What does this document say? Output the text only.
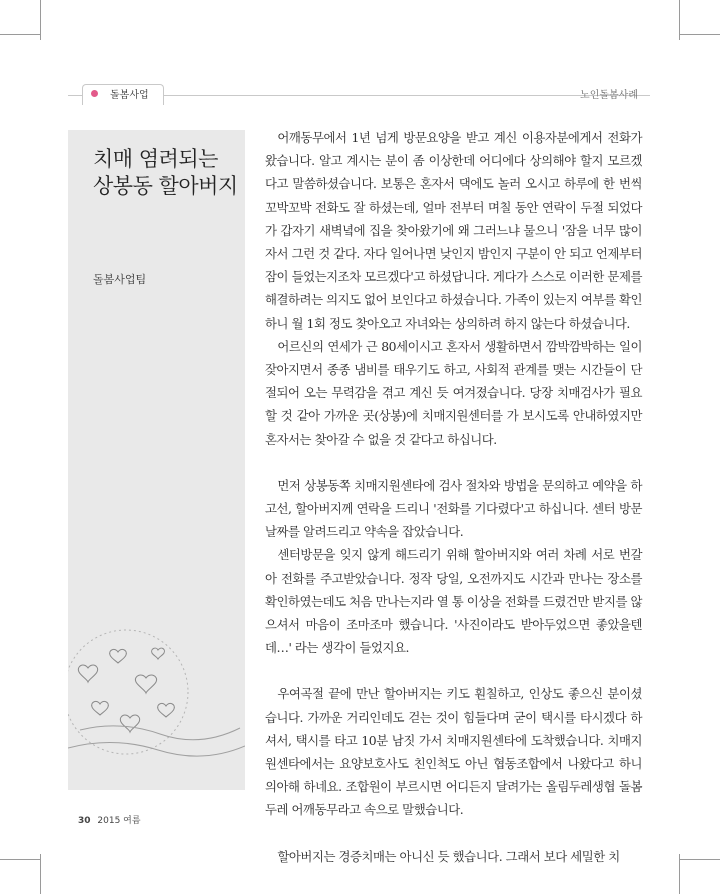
돌봄사업	노인돌봄사례
치매 염려되는
상봉동 할아버지
돌봄사업팀

어깨동무에서 1년 넘게 방문요양을 받고 계신 이용자분에게서 전화가 왔습니다. 알고 계시는 분이 좀 이상한데 어디에다 상의해야 할지 모르겠다고 말씀하셨습니다. 보통은 혼자서 댁에도 놀러 오시고 하루에 한 번씩 꼬박꼬박 전화도 잘 하셨는데, 얼마 전부터 며칠 동안 연락이 두절 되었다가 갑자기 새벽녘에 집을 찾아왔기에 왜 그러느냐 물으니 '잠을 너무 많이 자서 그런 것 같다. 자다 일어나면 낮인지 밤인지 구분이 안 되고 언제부터 잠이 들었는지조차 모르겠다'고 하셨답니다. 게다가 스스로 이러한 문제를 해결하려는 의지도 없어 보인다고 하셨습니다. 가족이 있는지 여부를 확인하니 월 1회 정도 찾아오고 자녀와는 상의하려 하지 않는다 하셨습니다.

어르신의 연세가 근 80세이시고 혼자서 생활하면서 깜박깜박하는 일이 잦아지면서 종종 냄비를 태우기도 하고, 사회적 관계를 맺는 시간들이 단절되어 오는 무력감을 겪고 계신 듯 여겨졌습니다. 당장 치매검사가 필요할 것 같아 가까운 곳(상봉)에 치매지원센터를 가 보시도록 안내하였지만 혼자서는 찾아갈 수 없을 것 같다고 하십니다.

먼저 상봉동쪽 치매지원센타에 검사 절차와 방법을 문의하고 예약을 하고선, 할아버지께 연락을 드리니 '전화를 기다렸다'고 하십니다. 센터 방문 날짜를 알려드리고 약속을 잡았습니다.

센터방문을 잊지 않게 해드리기 위해 할아버지와 여러 차례 서로 번갈아 전화를 주고받았습니다. 정작 당일, 오전까지도 시간과 만나는 장소를 확인하였는데도 처음 만나는지라 열 통 이상을 전화를 드렸건만 받지를 않으셔서 마음이 조마조마 했습니다. '사진이라도 받아두었으면 좋았을텐데…' 라는 생각이 들었지요.

우여곡절 끝에 만난 할아버지는 키도 훤칠하고, 인상도 좋으신 분이셨습니다. 가까운 거리인데도 걷는 것이 힘들다며 굳이 택시를 타시겠다 하셔서, 택시를 타고 10분 남짓 가서 치매지원센타에 도착했습니다. 치매지원센타에서는 요양보호사도 친인척도 아닌 협동조합에서 나왔다고 하니 의아해 하네요. 조합원이 부르시면 어디든지 달려가는 올림두레생협 돌봄두레 어깨동무라고 속으로 말했습니다.

할아버지는 경증치매는 아니신 듯 했습니다. 그래서 보다 세밀한 치

30 2015 여름
